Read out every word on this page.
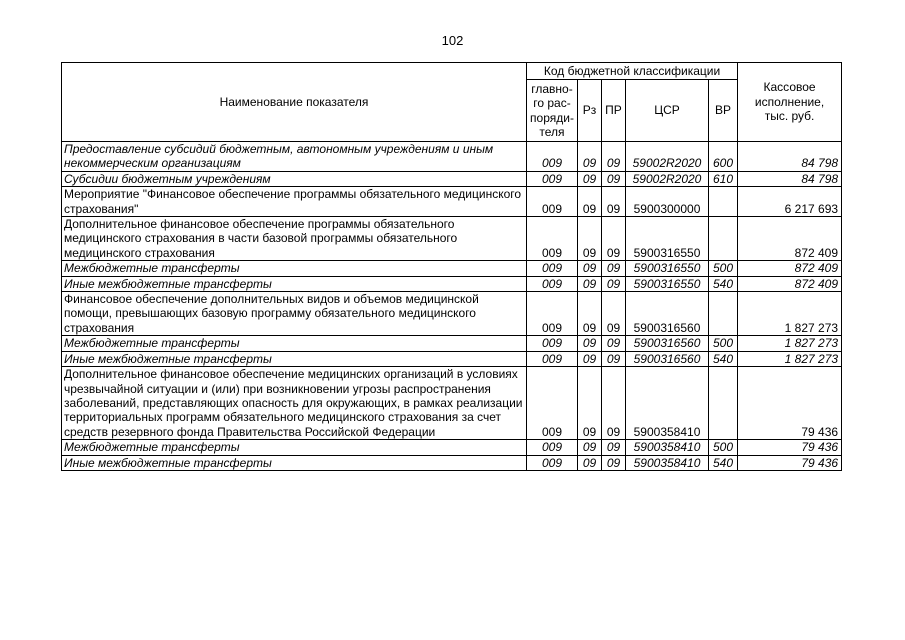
102
Наименование показателя	Код бюджетной классификации					Кассовое исполнение, тыс. руб.
	главно-го рас-поряди-теля	Рз	ПР	ЦСР	ВР	
Предоставление субсидий бюджетным, автономным учреждениям и иным некоммерческим организациям	009	09	09	59002R2020	600	84 798
Субсидии бюджетным учреждениям	009	09	09	59002R2020	610	84 798
Мероприятие "Финансовое обеспечение программы обязательного медицинского страхования"	009	09	09	5900300000		6 217 693
Дополнительное финансовое обеспечение программы обязательного медицинского страхования в части базовой программы обязательного медицинского страхования	009	09	09	5900316550		872 409
Межбюджетные трансферты	009	09	09	5900316550	500	872 409
Иные межбюджетные трансферты	009	09	09	5900316550	540	872 409
Финансовое обеспечение дополнительных видов и объемов медицинской помощи, превышающих базовую программу обязательного медицинского страхования	009	09	09	5900316560		1 827 273
Межбюджетные трансферты	009	09	09	5900316560	500	1 827 273
Иные межбюджетные трансферты	009	09	09	5900316560	540	1 827 273
Дополнительное финансовое обеспечение медицинских организаций в условиях чрезвычайной ситуации и (или) при возникновении угрозы распространения заболеваний, представляющих опасность для окружающих, в рамках реализации территориальных программ обязательного медицинского страхования за счет средств резервного фонда Правительства Российской Федерации	009	09	09	5900358410		79 436
Межбюджетные трансферты	009	09	09	5900358410	500	79 436
Иные межбюджетные трансферты	009	09	09	5900358410	540	79 436
